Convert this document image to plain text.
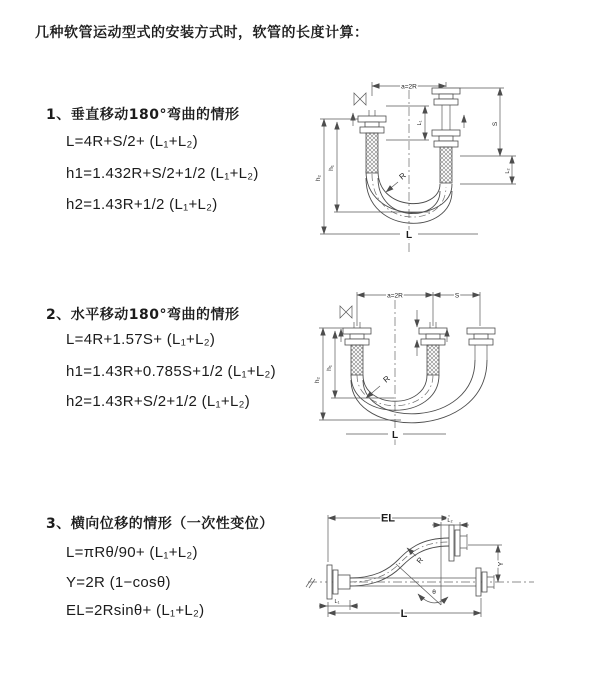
几种软管运动型式的安装方式时，软管的长度计算：
1、垂直移动180°弯曲的情形
L=4R+S/2+ (L₁+L₂)
h1=1.432R+S/2+1/2 (L₁+L₂)
h2=1.43R+1/2 (L₁+L₂)
a=2R
R
L
h₂
h₁
L₁	S
L₂
2、水平移动180°弯曲的情形
L=4R+1.57S+ (L₁+L₂)
h1=1.43R+0.785S+1/2 (L₁+L₂)
h2=1.43R+S/2+1/2 (L₁+L₂)
a=2R	S
R
h₂
h₁
L
3、横向位移的情形（一次性变位）
L=πRθ/90+ (L₁+L₂)
Y=2R (1−cosθ)
EL=2Rsinθ+ (L₁+L₂)
θ
R
EL	L₂
Y
L
L₁
